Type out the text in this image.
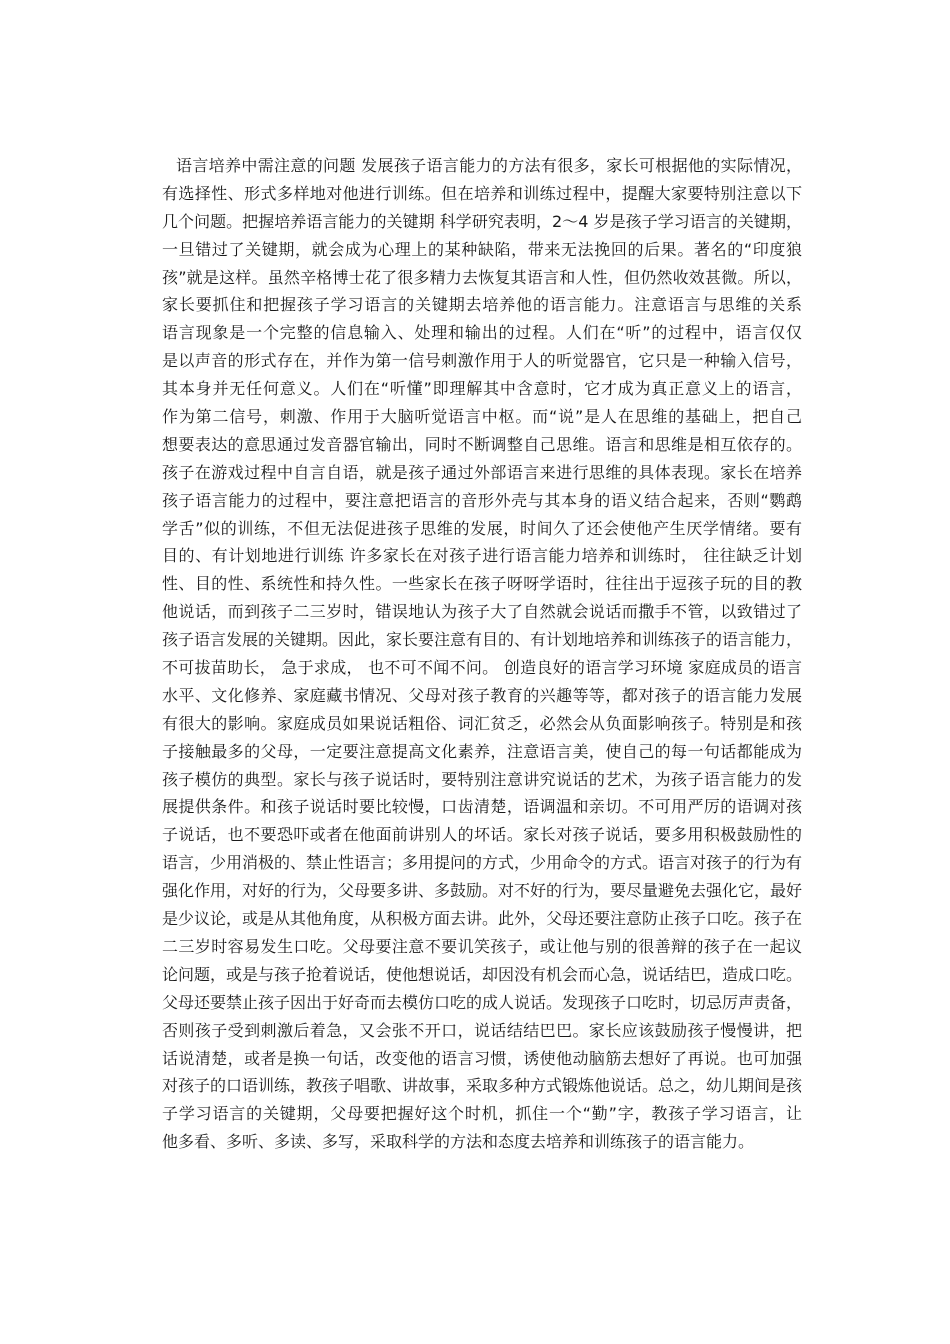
语言培养中需注意的问题 发展孩子语言能力的方法有很多，家长可根据他的实际情况，
有选择性、形式多样地对他进行训练。但在培养和训练过程中，提醒大家要特别注意以下
几个问题。把握培养语言能力的关键期 科学研究表明，2～4 岁是孩子学习语言的关键期，
一旦错过了关键期，就会成为心理上的某种缺陷，带来无法挽回的后果。著名的“印度狼
孩”就是这样。虽然辛格博士花了很多精力去恢复其语言和人性，但仍然收效甚微。所以，
家长要抓住和把握孩子学习语言的关键期去培养他的语言能力。注意语言与思维的关系
语言现象是一个完整的信息输入、处理和输出的过程。人们在“听”的过程中，语言仅仅
是以声音的形式存在，并作为第一信号刺激作用于人的听觉器官，它只是一种输入信号，
其本身并无任何意义。人们在“听懂”即理解其中含意时，它才成为真正意义上的语言，
作为第二信号，刺激、作用于大脑听觉语言中枢。而“说”是人在思维的基础上，把自己
想要表达的意思通过发音器官输出，同时不断调整自己思维。语言和思维是相互依存的。
孩子在游戏过程中自言自语，就是孩子通过外部语言来进行思维的具体表现。家长在培养
孩子语言能力的过程中，要注意把语言的音形外壳与其本身的语义结合起来，否则“鹦鹉
学舌”似的训练，不但无法促进孩子思维的发展，时间久了还会使他产生厌学情绪。要有
目的、有计划地进行训练 许多家长在对孩子进行语言能力培养和训练时， 往往缺乏计划
性、目的性、系统性和持久性。一些家长在孩子呀呀学语时，往往出于逗孩子玩的目的教
他说话，而到孩子二三岁时，错误地认为孩子大了自然就会说话而撒手不管，以致错过了
孩子语言发展的关键期。因此，家长要注意有目的、有计划地培养和训练孩子的语言能力，
不可拔苗助长， 急于求成， 也不可不闻不问。 创造良好的语言学习环境 家庭成员的语言
水平、文化修养、家庭藏书情况、父母对孩子教育的兴趣等等，都对孩子的语言能力发展
有很大的影响。家庭成员如果说话粗俗、词汇贫乏，必然会从负面影响孩子。特别是和孩
子接触最多的父母，一定要注意提高文化素养，注意语言美，使自己的每一句话都能成为
孩子模仿的典型。家长与孩子说话时，要特别注意讲究说话的艺术，为孩子语言能力的发
展提供条件。和孩子说话时要比较慢，口齿清楚，语调温和亲切。不可用严厉的语调对孩
子说话，也不要恐吓或者在他面前讲别人的坏话。家长对孩子说话，要多用积极鼓励性的
语言，少用消极的、禁止性语言；多用提问的方式，少用命令的方式。语言对孩子的行为有
强化作用，对好的行为，父母要多讲、多鼓励。对不好的行为，要尽量避免去强化它，最好
是少议论，或是从其他角度，从积极方面去讲。此外，父母还要注意防止孩子口吃。孩子在
二三岁时容易发生口吃。父母要注意不要讥笑孩子，或让他与别的很善辩的孩子在一起议
论问题，或是与孩子抢着说话，使他想说话，却因没有机会而心急，说话结巴，造成口吃。
父母还要禁止孩子因出于好奇而去模仿口吃的成人说话。发现孩子口吃时，切忌厉声责备，
否则孩子受到刺激后着急，又会张不开口，说话结结巴巴。家长应该鼓励孩子慢慢讲，把
话说清楚，或者是换一句话，改变他的语言习惯，诱使他动脑筋去想好了再说。也可加强
对孩子的口语训练，教孩子唱歌、讲故事，采取多种方式锻炼他说话。总之，幼儿期间是孩
子学习语言的关键期，父母要把握好这个时机，抓住一个“勤”字，教孩子学习语言，让
他多看、多听、多读、多写，采取科学的方法和态度去培养和训练孩子的语言能力。
